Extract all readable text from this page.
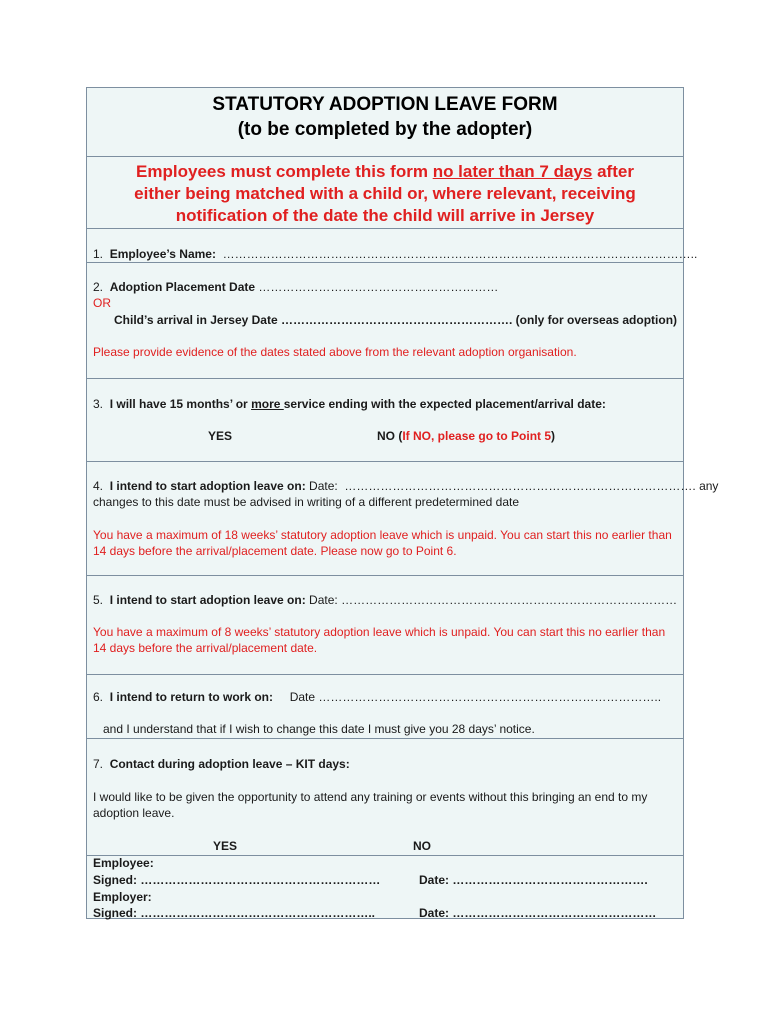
STATUTORY ADOPTION LEAVE FORM
(to be completed by the adopter)
Employees must complete this form no later than 7 days after
either being matched with a child or, where relevant, receiving
notification of the date the child will arrive in Jersey
1. Employee’s Name: ………………………………………………………………………………………………………..
2. Adoption Placement Date ……………………………………………………
OR
Child’s arrival in Jersey Date …………………………………………………. (only for overseas adoption)
Please provide evidence of the dates stated above from the relevant adoption organisation.
3. I will have 15 months’ or more service ending with the expected placement/arrival date:
YES	NO (If NO, please go to Point 5)
4. I intend to start adoption leave on: Date: ……………………………………………………………………………. any
changes to this date must be advised in writing of a different predetermined date
You have a maximum of 18 weeks’ statutory adoption leave which is unpaid. You can start this no earlier than 14 days before the arrival/placement date. Please now go to Point 6.
5. I intend to start adoption leave on: Date: …………………………………………………………………………
You have a maximum of 8 weeks’ statutory adoption leave which is unpaid. You can start this no earlier than 14 days before the arrival/placement date.
6. I intend to return to work on: Date …………………………………………………………………………..
and I understand that if I wish to change this date I must give you 28 days’ notice.
7. Contact during adoption leave – KIT days:
I would like to be given the opportunity to attend any training or events without this bringing an end to my adoption leave.
YES	NO
Employee:
Signed: ……………………………………………………	Date: ………………………………………….
Employer:
Signed: …………………………………………………..	Date: ……………………………………………
